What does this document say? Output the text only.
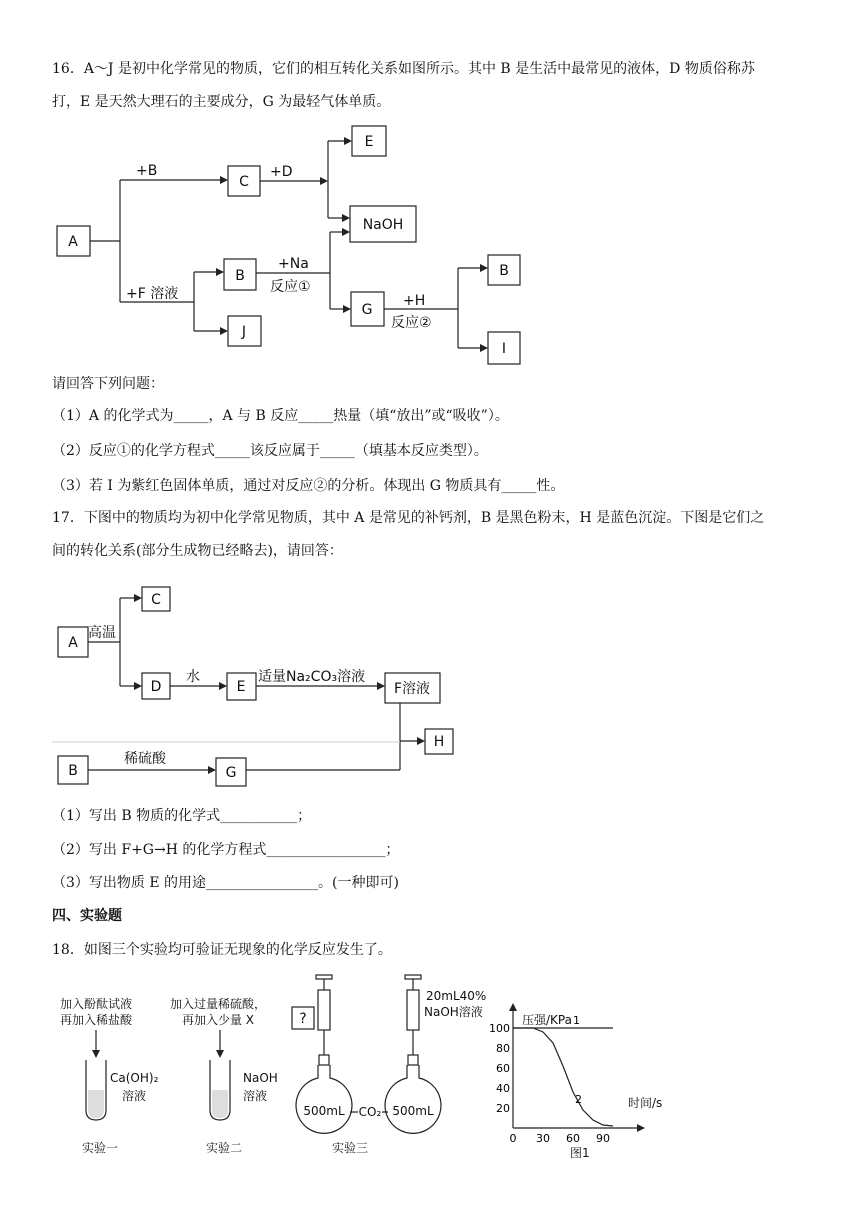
16．A～J 是初中化学常见的物质，它们的相互转化关系如图所示。其中 B 是生活中最常见的液体，D 物质俗称苏
打，E 是天然大理石的主要成分，G 为最轻气体单质。
A
C
E
NaOH
B
J
G
B
I
+B	+D
+F 溶液
+Na
反应①
+H
反应②
请回答下列问题：
（1）A 的化学式为_____，A 与 B 反应_____热量（填“放出”或“吸收”）。
（2）反应①的化学方程式_____该反应属于_____（填基本反应类型）。
（3）若 I 为紫红色固体单质，通过对反应②的分析。体现出 G 物质具有_____性。
17．下图中的物质均为初中化学常见物质，其中 A 是常见的补钙剂，B 是黑色粉末，H 是蓝色沉淀。下图是它们之
间的转化关系(部分生成物已经略去)，请回答：
A
C
D	E	F溶液
H
B	G
高温
水	适量Na₂CO₃溶液
稀硫酸
（1）写出 B 物质的化学式___________；
（2）写出 F+G→H 的化学方程式_________________；
（3）写出物质 E 的用途________________。(一种即可)
四、实验题
18．如图三个实验均可验证无现象的化学反应发生了。
加入酚酞试液
再加入稀盐酸
Ca(OH)₂
溶液
实验一
加入过量稀硫酸，
再加入少量 X
NaOH
溶液
实验二
?
500mL	500mL
CO₂
20mL40%
NaOH溶液
实验三
压强/KPa
时间/s
图1
0 30 60 90
20
40
60
80
100
1
2
